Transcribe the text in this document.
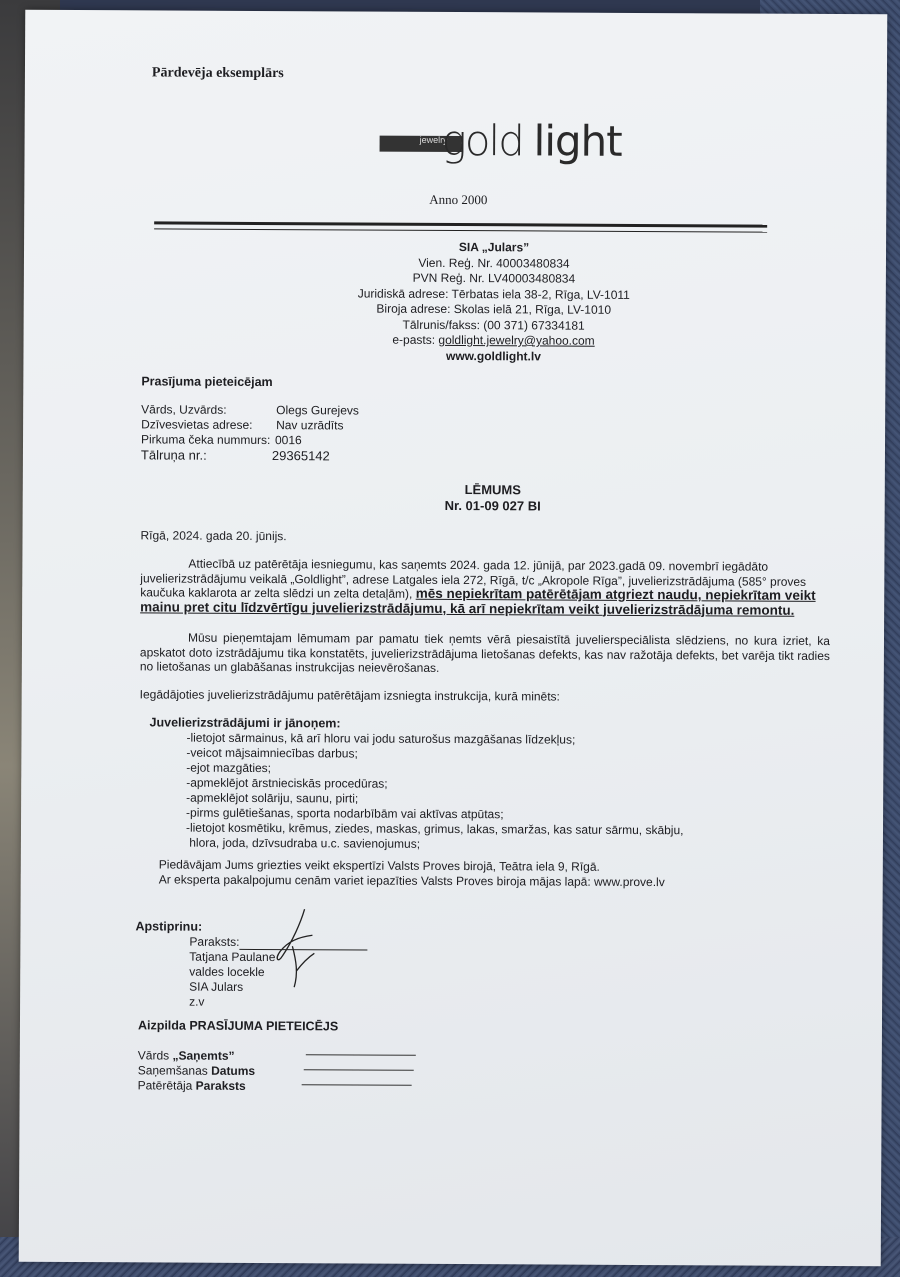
Pārdevēja eksemplārs
jewelry
gold light
Anno 2000
SIA „Julars”
Vien. Reģ. Nr. 40003480834
PVN Reģ. Nr. LV40003480834
Juridiskā adrese: Tērbatas iela 38-2, Rīga, LV-1011
Biroja adrese: Skolas ielā 21, Rīga, LV-1010
Tālrunis/fakss: (00 371) 67334181
e-pasts: goldlight.jewelry@yahoo.com
www.goldlight.lv
Prasījuma pieteicējam
Vārds, Uzvārds:	Olegs Gurejevs
Dzīvesvietas adrese:	Nav uzrādīts
Pirkuma čeka nummurs: 0016
Tālruņa nr.:	29365142
LĒMUMS
Nr. 01-09 027 BI
Rīgā, 2024. gada 20. jūnijs.
Attiecībā uz patērētāja iesniegumu, kas saņemts 2024. gada 12. jūnijā, par 2023.gadā 09. novembrī iegādāto juvelierizstrādājumu veikalā „Goldlight”, adrese Latgales iela 272, Rīgā, t/c „Akropole Rīga”, juvelierizstrādājuma (585° proves kaučuka kaklarota ar zelta slēdzi un zelta detaļām), mēs nepiekrītam patērētājam atgriezt naudu, nepiekrītam veikt mainu pret citu līdzvērtīgu juvelierizstrādājumu, kā arī nepiekrītam veikt juvelierizstrādājuma remontu.
Mūsu pieņemtajam lēmumam par pamatu tiek ņemts vērā piesaistītā juvelierspeciālista slēdziens, no kura izriet, ka apskatot doto izstrādājumu tika konstatēts, juvelierizstrādājuma lietošanas defekts, kas nav ražotāja defekts, bet varēja tikt radies no lietošanas un glabāšanas instrukcijas neievērošanas.
Iegādājoties juvelierizstrādājumu patērētājam izsniegta instrukcija, kurā minēts:
Juvelierizstrādājumi ir jānoņem:
-lietojot sārmainus, kā arī hloru vai jodu saturošus mazgāšanas līdzekļus;
-veicot mājsaimniecības darbus;
-ejot mazgāties;
-apmeklējot ārstnieciskās procedūras;
-apmeklējot solāriju, saunu, pirti;
-pirms gulētiešanas, sporta nodarbībām vai aktīvas atpūtas;
-lietojot kosmētiku, krēmus, ziedes, maskas, grimus, lakas, smaržas, kas satur sārmu, skābju,
hlora, joda, dzīvsudraba u.c. savienojumus;
Piedāvājam Jums griezties veikt ekspertīzi Valsts Proves birojā, Teātra iela 9, Rīgā.
Ar eksperta pakalpojumu cenām variet iepazīties Valsts Proves biroja mājas lapā: www.prove.lv
Apstiprinu:
Paraksts:
Tatjana Paulane
valdes locekle
SIA Julars
z.v
Aizpilda PRASĪJUMA PIETEICĒJS
Vārds „Saņemts”
Saņemšanas Datums
Patērētāja Paraksts
